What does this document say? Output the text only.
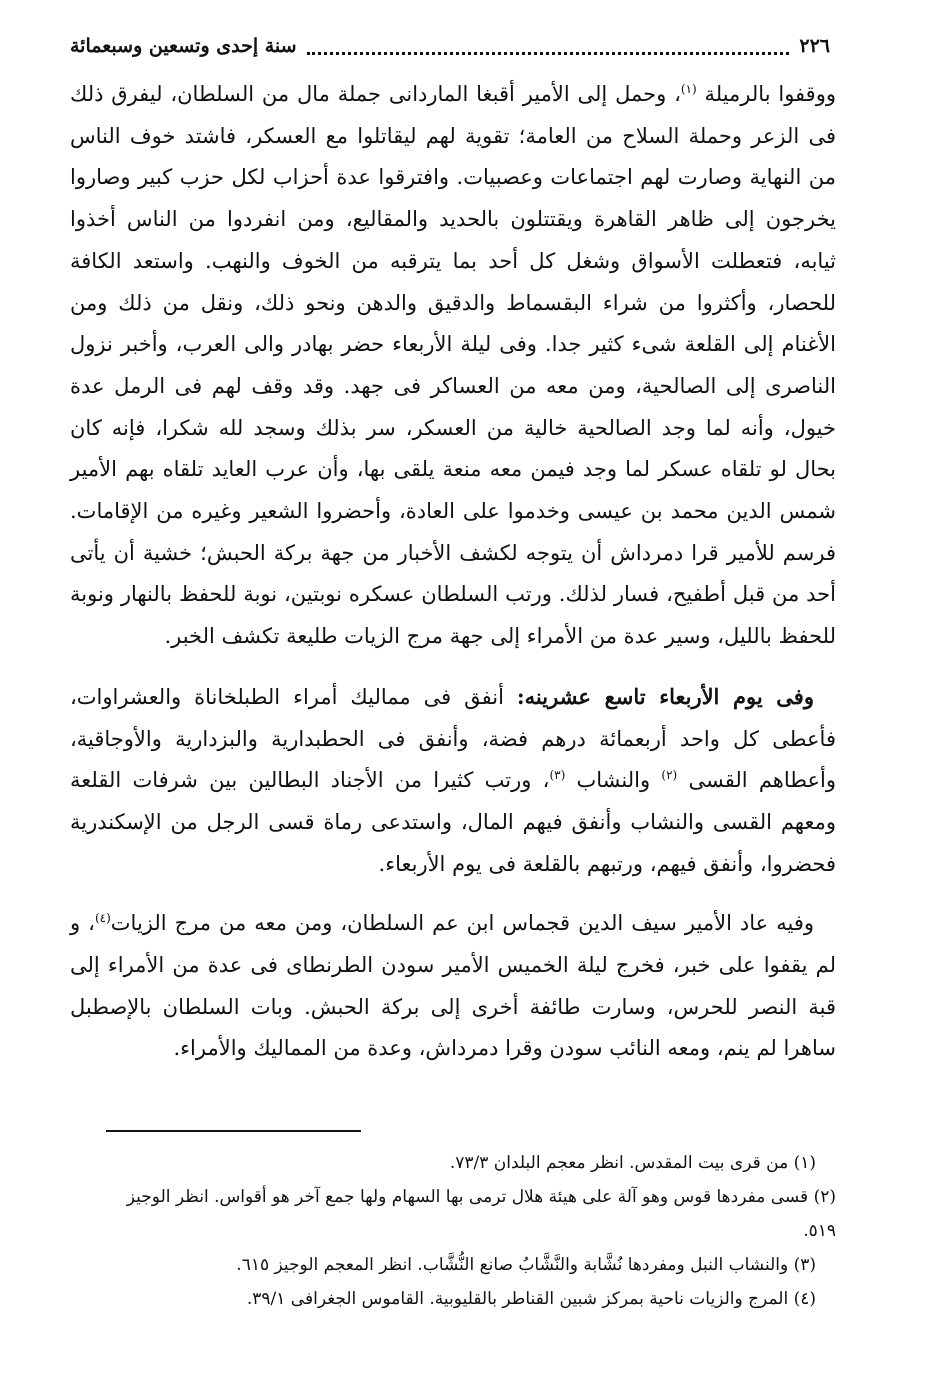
٢٢٦
سنة إحدى وتسعين وسبعمائة

ووقفوا بالرميلة $^{(١)}$، وحمل إلى الأمير أقبغا الماردانى جملة مال من السلطان، ليفرق ذلك فى الزعر وحملة السلاح من العامة؛ تقوية لهم ليقاتلوا مع العسكر، فاشتد خوف الناس من النهاية وصارت لهم اجتماعات وعصبيات. وافترقوا عدة أحزاب لكل حزب كبير وصاروا يخرجون إلى ظاهر القاهرة ويقتتلون بالحديد والمقاليع، ومن انفردوا من الناس أخذوا ثيابه، فتعطلت الأسواق وشغل كل أحد بما يترقبه من الخوف والنهب. واستعد الكافة للحصار، وأكثروا من شراء البقسماط والدقيق والدهن ونحو ذلك، ونقل من ذلك ومن الأغنام إلى القلعة شىء كثير جدا. وفى ليلة الأربعاء حضر بهادر والى العرب، وأخبر نزول الناصرى إلى الصالحية، ومن معه من العساكر فى جهد. وقد وقف لهم فى الرمل عدة خيول، وأنه لما وجد الصالحية خالية من العسكر، سر بذلك وسجد لله شكرا، فإنه كان بحال لو تلقاه عسكر لما وجد فيمن معه منعة يلقى بها، وأن عرب العايد تلقاه بهم الأمير شمس الدين محمد بن عيسى وخدموا على العادة، وأحضروا الشعير وغيره من الإقامات. فرسم للأمير قرا دمرداش أن يتوجه لكشف الأخبار من جهة بركة الحبش؛ خشية أن يأتى أحد من قبل أطفيح، فسار لذلك. ورتب السلطان عسكره نوبتين، نوبة للحفظ بالنهار ونوبة للحفظ بالليل، وسير عدة من الأمراء إلى جهة مرج الزيات طليعة تكشف الخبر.

وفى يوم الأربعاء تاسع عشرينه: أنفق فى مماليك أمراء الطبلخاناة والعشراوات، فأعطى كل واحد أربعمائة درهم فضة، وأنفق فى الحطبدارية والبزدارية والأوجاقية، وأعطاهم القسى $^{(٢)}$ والنشاب $^{(٣)}$، ورتب كثيرا من الأجناد البطالين بين شرفات القلعة ومعهم القسى والنشاب وأنفق فيهم المال، واستدعى رماة قسى الرجل من الإسكندرية فحضروا، وأنفق فيهم، ورتبهم بالقلعة فى يوم الأربعاء.

وفيه عاد الأمير سيف الدين قجماس ابن عم السلطان، ومن معه من مرج الزيات$^{(٤)}$، و لم يقفوا على خبر، فخرج ليلة الخميس الأمير سودن الطرنطاى فى عدة من الأمراء إلى قبة النصر للحرس، وسارت طائفة أخرى إلى بركة الحبش. وبات السلطان بالإصطبل ساهرا لم ينم، ومعه النائب سودن وقرا دمرداش، وعدة من المماليك والأمراء.

(١) من قرى بيت المقدس. انظر معجم البلدان ٧٣/٣.

(٢) قسى مفردها قوس وهو آلة على هيئة هلال ترمى بها السهام ولها جمع آخر هو أقواس. انظر الوجيز ٥١٩.

(٣) والنشاب النبل ومفردها نُشَّابة والنَّشَّابُ صانع النُّشَّاب. انظر المعجم الوجيز ٦١٥.

(٤) المرج والزيات ناحية بمركز شبين القناطر بالقليوبية. القاموس الجغرافى ٣٩/١.
